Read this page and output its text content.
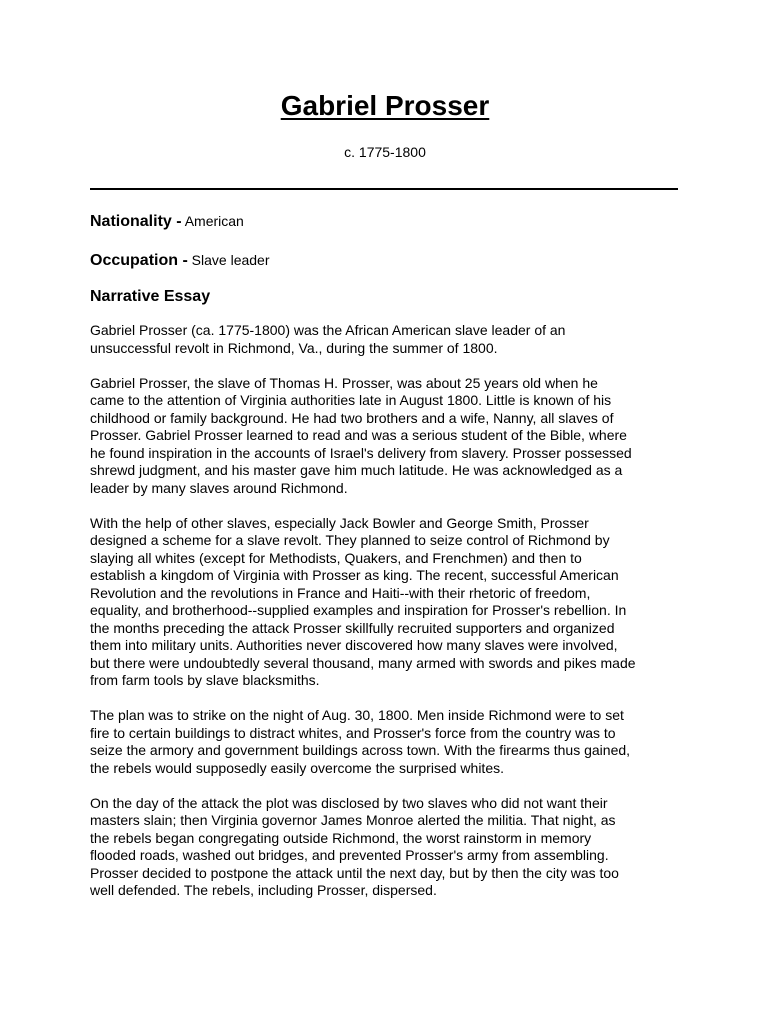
Gabriel Prosser
c. 1775-1800
Nationality - American
Occupation - Slave leader
Narrative Essay

Gabriel Prosser (ca. 1775-1800) was the African American slave leader of an
unsuccessful revolt in Richmond, Va., during the summer of 1800.

Gabriel Prosser, the slave of Thomas H. Prosser, was about 25 years old when he
came to the attention of Virginia authorities late in August 1800. Little is known of his
childhood or family background. He had two brothers and a wife, Nanny, all slaves of
Prosser. Gabriel Prosser learned to read and was a serious student of the Bible, where
he found inspiration in the accounts of Israel's delivery from slavery. Prosser possessed
shrewd judgment, and his master gave him much latitude. He was acknowledged as a
leader by many slaves around Richmond.

With the help of other slaves, especially Jack Bowler and George Smith, Prosser
designed a scheme for a slave revolt. They planned to seize control of Richmond by
slaying all whites (except for Methodists, Quakers, and Frenchmen) and then to
establish a kingdom of Virginia with Prosser as king. The recent, successful American
Revolution and the revolutions in France and Haiti--with their rhetoric of freedom,
equality, and brotherhood--supplied examples and inspiration for Prosser's rebellion. In
the months preceding the attack Prosser skillfully recruited supporters and organized
them into military units. Authorities never discovered how many slaves were involved,
but there were undoubtedly several thousand, many armed with swords and pikes made
from farm tools by slave blacksmiths.

The plan was to strike on the night of Aug. 30, 1800. Men inside Richmond were to set
fire to certain buildings to distract whites, and Prosser's force from the country was to
seize the armory and government buildings across town. With the firearms thus gained,
the rebels would supposedly easily overcome the surprised whites.

On the day of the attack the plot was disclosed by two slaves who did not want their
masters slain; then Virginia governor James Monroe alerted the militia. That night, as
the rebels began congregating outside Richmond, the worst rainstorm in memory
flooded roads, washed out bridges, and prevented Prosser's army from assembling.
Prosser decided to postpone the attack until the next day, but by then the city was too
well defended. The rebels, including Prosser, dispersed.
